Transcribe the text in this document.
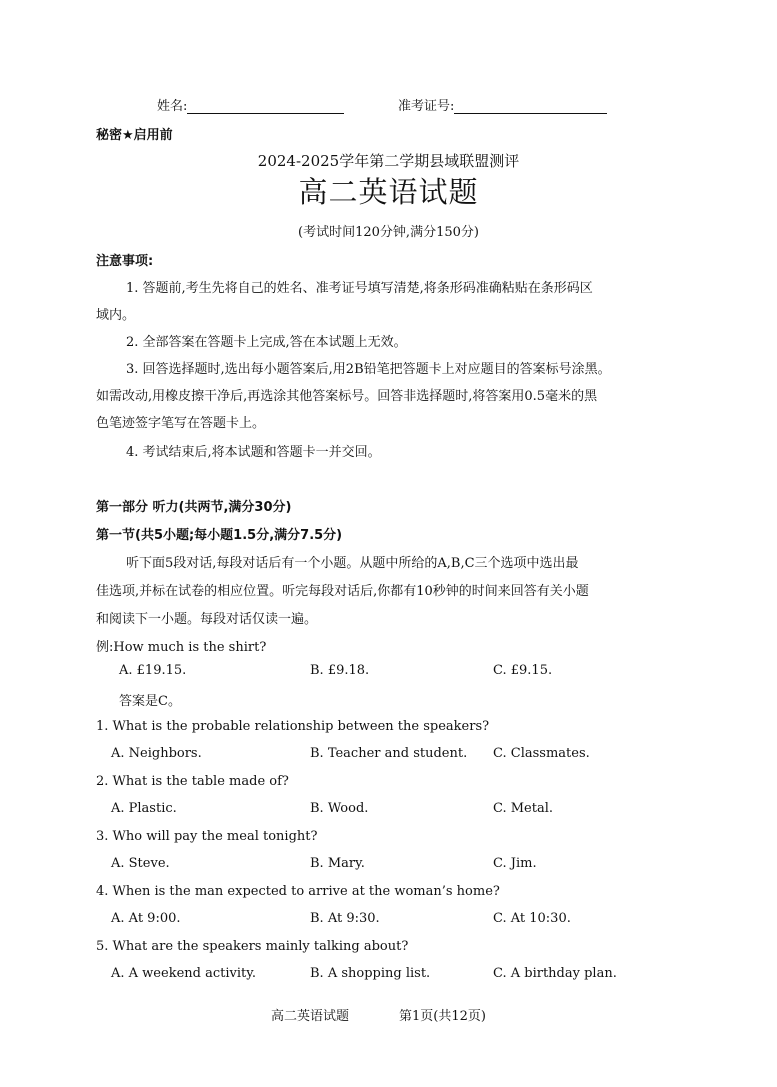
姓名:	准考证号:
秘密★启用前
2024-2025学年第二学期县域联盟测评
高二英语试题
(考试时间120分钟,满分150分)
注意事项:
1. 答题前,考生先将自己的姓名、准考证号填写清楚,将条形码准确粘贴在条形码区
域内。
2. 全部答案在答题卡上完成,答在本试题上无效。
3. 回答选择题时,选出每小题答案后,用2B铅笔把答题卡上对应题目的答案标号涂黑。
如需改动,用橡皮擦干净后,再选涂其他答案标号。回答非选择题时,将答案用0.5毫米的黑
色笔迹签字笔写在答题卡上。
4. 考试结束后,将本试题和答题卡一并交回。
第一部分 听力(共两节,满分30分)
第一节(共5小题;每小题1.5分,满分7.5分)
听下面5段对话,每段对话后有一个小题。从题中所给的A,B,C三个选项中选出最
佳选项,并标在试卷的相应位置。听完每段对话后,你都有10秒钟的时间来回答有关小题
和阅读下一小题。每段对话仅读一遍。
例:How much is the shirt?
A. £19.15.	B. £9.18.	C. £9.15.
答案是C。
1. What is the probable relationship between the speakers?
A. Neighbors.	B. Teacher and student. C. Classmates.
2. What is the table made of?
A. Plastic.	B. Wood.	C. Metal.
3. Who will pay the meal tonight?
A. Steve.	B. Mary.	C. Jim.
4. When is the man expected to arrive at the woman’s home?
A. At 9:00.	B. At 9:30.	C. At 10:30.
5. What are the speakers mainly talking about?
A. A weekend activity.	B. A shopping list.	C. A birthday plan.
高二英语试题	第1页(共12页)
